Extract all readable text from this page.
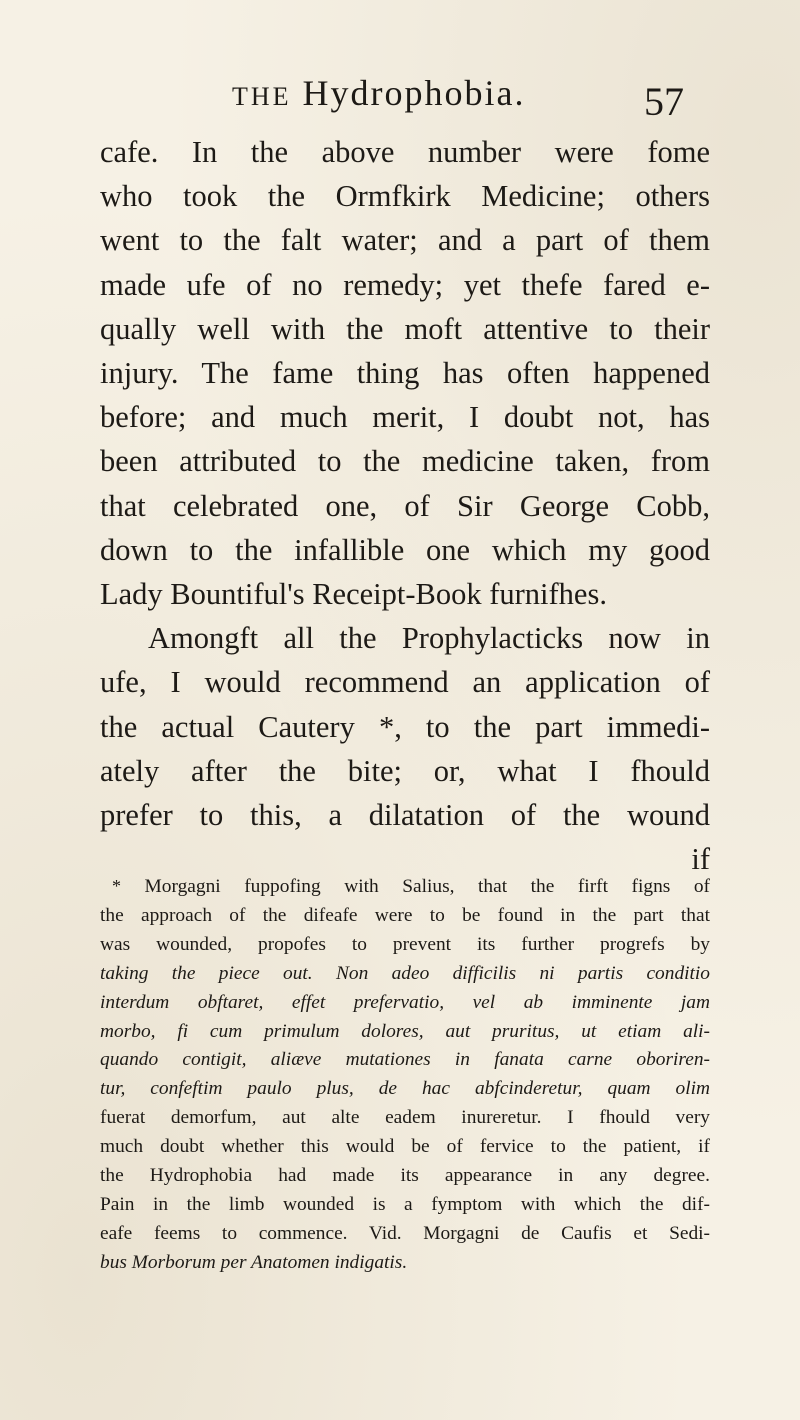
THE Hydrophobia.	57
cafe. In the above number were fome
who took the Ormfkirk Medicine; others
went to the falt water; and a part of them
made ufe of no remedy; yet thefe fared e-
qually well with the moft attentive to their
injury. The fame thing has often happened
before; and much merit, I doubt not, has
been attributed to the medicine taken, from
that celebrated one, of Sir George Cobb,
down to the infallible one which my good
Lady Bountiful's Receipt-Book furnifhes.
Amongft all the Prophylacticks now in
ufe, I would recommend an application of
the actual Cautery *, to the part immedi-
ately after the bite; or, what I fhould
prefer to this, a dilatation of the wound
if
* Morgagni fuppofing with Salius, that the firft figns of
the approach of the difeafe were to be found in the part that
was wounded, propofes to prevent its further progrefs by
taking the piece out. Non adeo difficilis ni partis conditio
interdum obftaret, effet prefervatio, vel ab imminente jam
morbo, fi cum primulum dolores, aut pruritus, ut etiam ali-
quando contigit, aliæve mutationes in fanata carne oboriren-
tur, confeftim paulo plus, de hac abfcinderetur, quam olim
fuerat demorfum, aut alte eadem inureretur. I fhould very
much doubt whether this would be of fervice to the patient, if
the Hydrophobia had made its appearance in any degree.
Pain in the limb wounded is a fymptom with which the dif-
eafe feems to commence. Vid. Morgagni de Caufis et Sedi-
bus Morborum per Anatomen indigatis.
